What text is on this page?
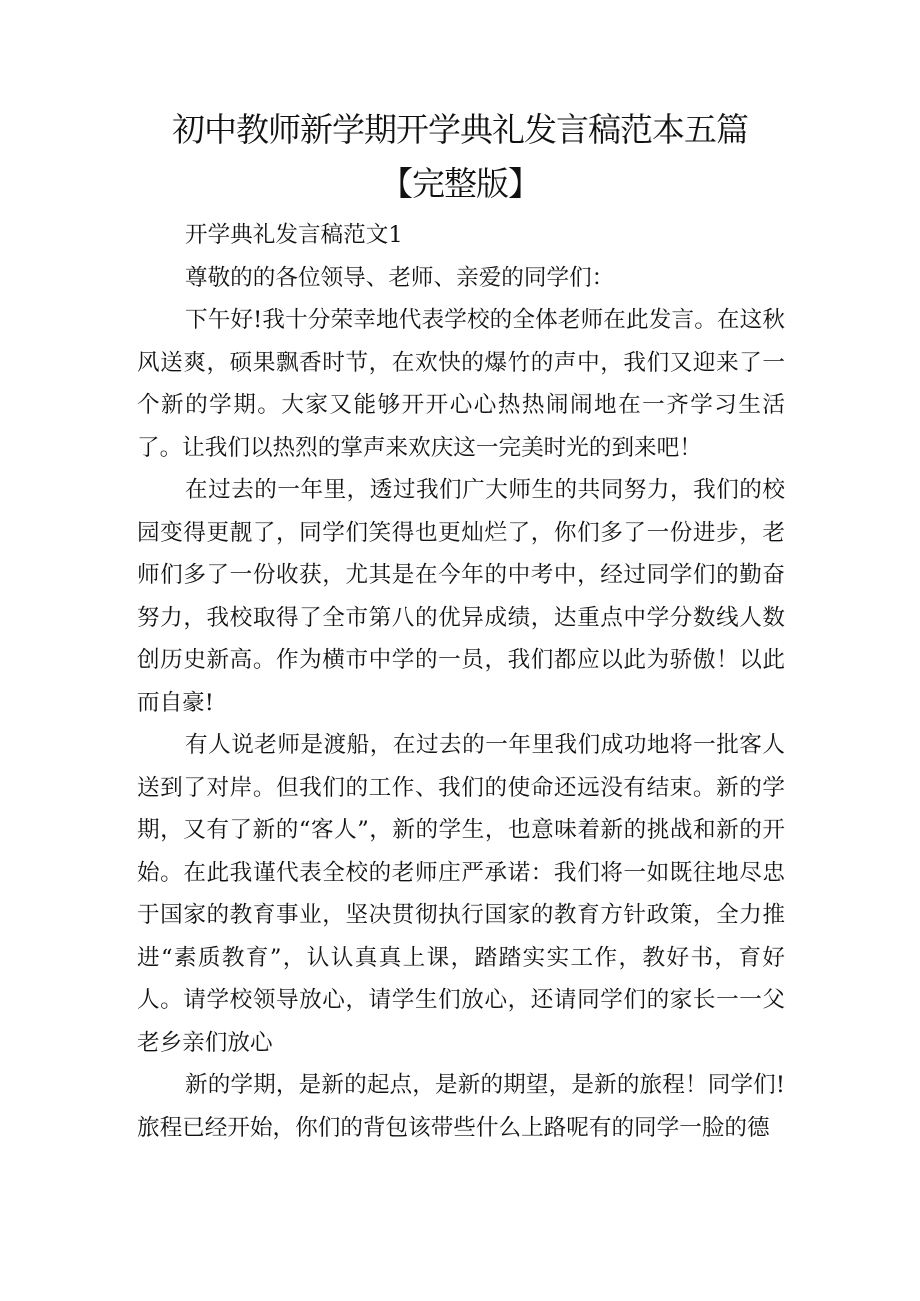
初中教师新学期开学典礼发言稿范本五篇
【完整版】

开学典礼发言稿范文1

尊敬的的各位领导、老师、亲爱的同学们：

下午好!我十分荣幸地代表学校的全体老师在此发言。在这秋风送爽，硕果飘香时节，在欢快的爆竹的声中，我们又迎来了一个新的学期。大家又能够开开心心热热闹闹地在一齐学习生活了。让我们以热烈的掌声来欢庆这一完美时光的到来吧！

在过去的一年里，透过我们广大师生的共同努力，我们的校园变得更靓了，同学们笑得也更灿烂了，你们多了一份进步，老师们多了一份收获，尤其是在今年的中考中，经过同学们的勤奋努力，我校取得了全市第八的优异成绩，达重点中学分数线人数创历史新高。作为横市中学的一员，我们都应以此为骄傲！以此而自豪!

有人说老师是渡船，在过去的一年里我们成功地将一批客人送到了对岸。但我们的工作、我们的使命还远没有结束。新的学期，又有了新的“客人”，新的学生，也意味着新的挑战和新的开始。在此我谨代表全校的老师庄严承诺：我们将一如既往地尽忠于国家的教育事业，坚决贯彻执行国家的教育方针政策，全力推进“素质教育”，认认真真上课，踏踏实实工作，教好书，育好人。请学校领导放心，请学生们放心，还请同学们的家长一一父老乡亲们放心

新的学期，是新的起点，是新的期望，是新的旅程！同学们!旅程已经开始，你们的背包该带些什么上路呢有的同学一脸的德
